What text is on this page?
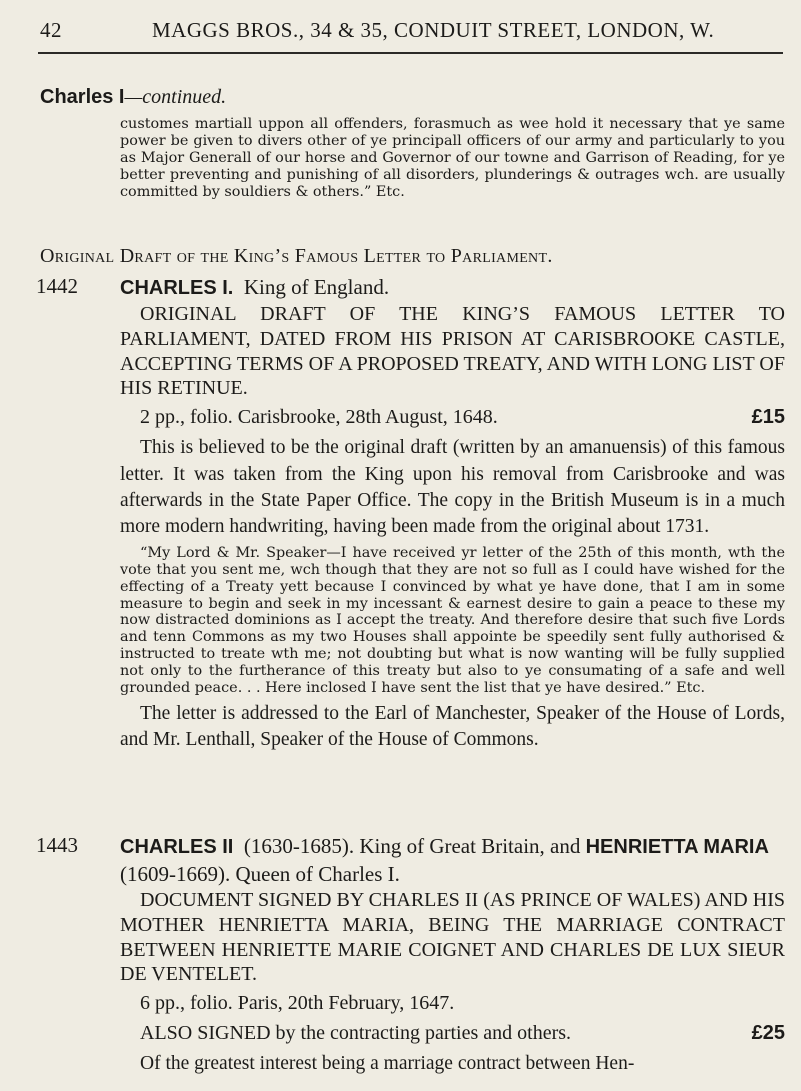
42	MAGGS BROS., 34 & 35, CONDUIT STREET, LONDON, W.
Charles I—continued.

customes martiall uppon all offenders, forasmuch as wee hold it necessary that ye same power be given to divers other of ye principall officers of our army and particularly to you as Major Generall of our horse and Governor of our towne and Garrison of Reading, for ye better preventing and punishing of all disorders, plunderings & outrages wch. are usually committed by souldiers & others.” Etc.

Original Draft of the King’s Famous Letter to Parliament.
1442 CHARLES I. King of England.

ORIGINAL DRAFT OF THE KING’S FAMOUS LETTER TO PARLIAMENT, DATED FROM HIS PRISON AT CARISBROOKE CASTLE, ACCEPTING TERMS OF A PROPOSED TREATY, AND WITH LONG LIST OF HIS RETINUE.

2 pp., folio. Carisbrooke, 28th August, 1648.	£15

This is believed to be the original draft (written by an amanuensis) of this famous letter. It was taken from the King upon his removal from Carisbrooke and was afterwards in the State Paper Office. The copy in the British Museum is in a much more modern handwriting, having been made from the original about 1731.

“My Lord & Mr. Speaker—I have received yr letter of the 25th of this month, wth the vote that you sent me, wch though that they are not so full as I could have wished for the effecting of a Treaty yett because I convinced by what ye have done, that I am in some measure to begin and seek in my incessant & earnest desire to gain a peace to these my now distracted dominions as I accept the treaty. And therefore desire that such five Lords and tenn Commons as my two Houses shall appointe be speedily sent fully authorised & instructed to treate wth me; not doubting but what is now wanting will be fully supplied not only to the furtherance of this treaty but also to ye consumating of a safe and well grounded peace. . . Here inclosed I have sent the list that ye have desired.” Etc.

The letter is addressed to the Earl of Manchester, Speaker of the House of Lords, and Mr. Lenthall, Speaker of the House of Commons.

1443 CHARLES II (1630-1685). King of Great Britain, and HENRIETTA MARIA (1609-1669). Queen of Charles I.

DOCUMENT SIGNED BY CHARLES II (AS PRINCE OF WALES) AND HIS MOTHER HENRIETTA MARIA, BEING THE MARRIAGE CONTRACT BETWEEN HENRIETTE MARIE COIGNET AND CHARLES DE LUX SIEUR DE VENTELET.

6 pp., folio. Paris, 20th February, 1647.
ALSO SIGNED by the contracting parties and others.	£25

Of the greatest interest being a marriage contract between Hen-
